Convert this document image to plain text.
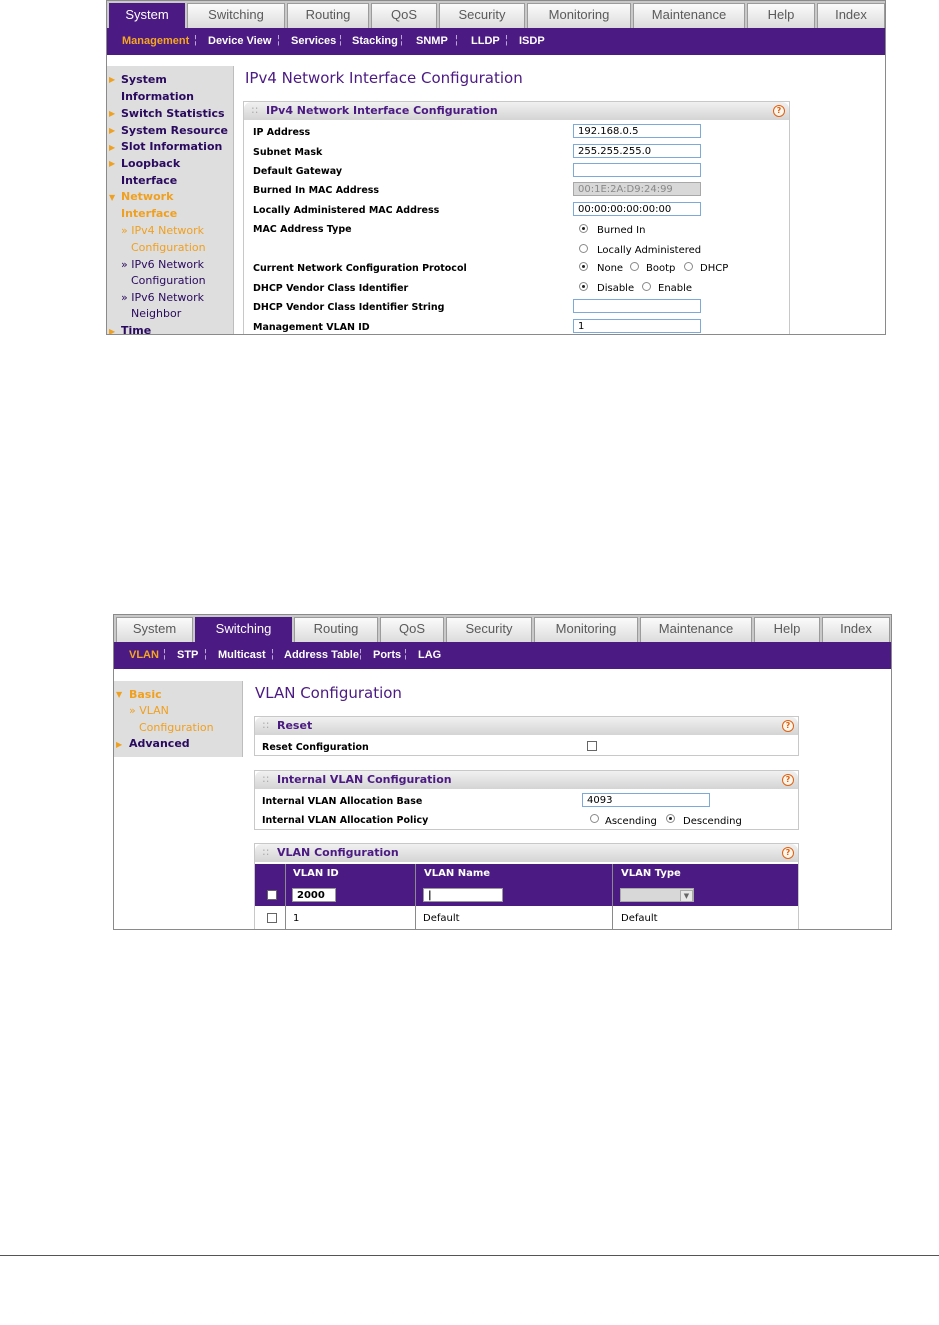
System	Switching	Routing	QoS	Security	Monitoring	Maintenance	Help	Index
Management ¦ Device View ¦ Services ¦ Stacking ¦ SNMP ¦ LLDP ¦ ISDP
▶ System
Information
▶ Switch Statistics
▶ System Resource
▶ Slot Information
▶ Loopback
Interface
▼ Network
Interface
» IPv4 Network
Configuration
» IPv6 Network
Configuration
» IPv6 Network
Neighbor
▶ Time
IPv4 Network Interface Configuration
:: IPv4 Network Interface Configuration	?
IP Address	192.168.0.5
Subnet Mask	255.255.255.0
Default Gateway
Burned In MAC Address	00:1E:2A:D9:24:99
Locally Administered MAC Address	00:00:00:00:00:00
MAC Address Type	Burned In
Locally Administered
Current Network Configuration Protocol	None Bootp DHCP
DHCP Vendor Class Identifier	Disable Enable
DHCP Vendor Class Identifier String
Management VLAN ID	1
System	Switching	Routing	QoS	Security	Monitoring	Maintenance	Help	Index
VLAN ¦ STP ¦ Multicast ¦ Address Table ¦ Ports ¦ LAG
▼ Basic
» VLAN
Configuration
▶ Advanced
VLAN Configuration
:: Reset	?
Reset Configuration
:: Internal VLAN Configuration	?
Internal VLAN Allocation Base	4093
Internal VLAN Allocation Policy	Ascending	Descending
:: VLAN Configuration	?
VLAN ID	VLAN Name	VLAN Type
2000	|	▼
1	Default	Default
